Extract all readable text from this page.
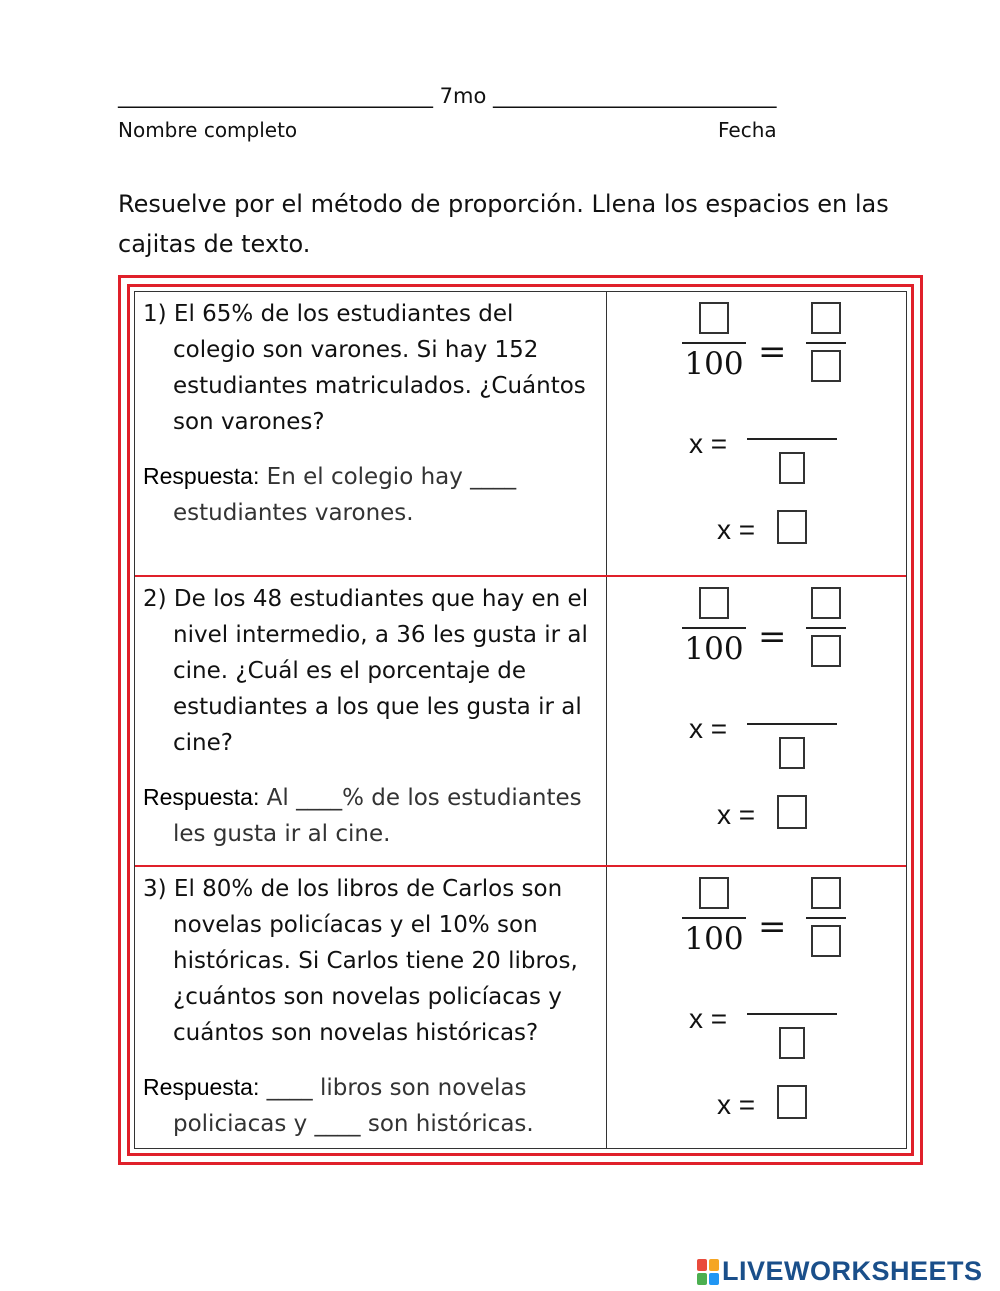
______________________________ 7mo ___________________________
Nombre completo	Fecha
Resuelve por el método de proporción. Llena los espacios en las cajitas de texto.
1) El 65% de los estudiantes del colegio son varones. Si hay 152 estudiantes matriculados. ¿Cuántos son varones?
Respuesta: En el colegio hay ____ estudiantes varones.
100 =
x =
x =
2) De los 48 estudiantes que hay en el nivel intermedio, a 36 les gusta ir al cine. ¿Cuál es el porcentaje de estudiantes a los que les gusta ir al cine?
Respuesta: Al ____% de los estudiantes les gusta ir al cine.
100 =
x =
x =
3) El 80% de los libros de Carlos son novelas policíacas y el 10% son históricas. Si Carlos tiene 20 libros, ¿cuántos son novelas policíacas y cuántos son novelas históricas?
Respuesta: ____ libros son novelas policiacas y ____ son históricas.
100 =
x =
x =
LIVEWORKSHEETS
